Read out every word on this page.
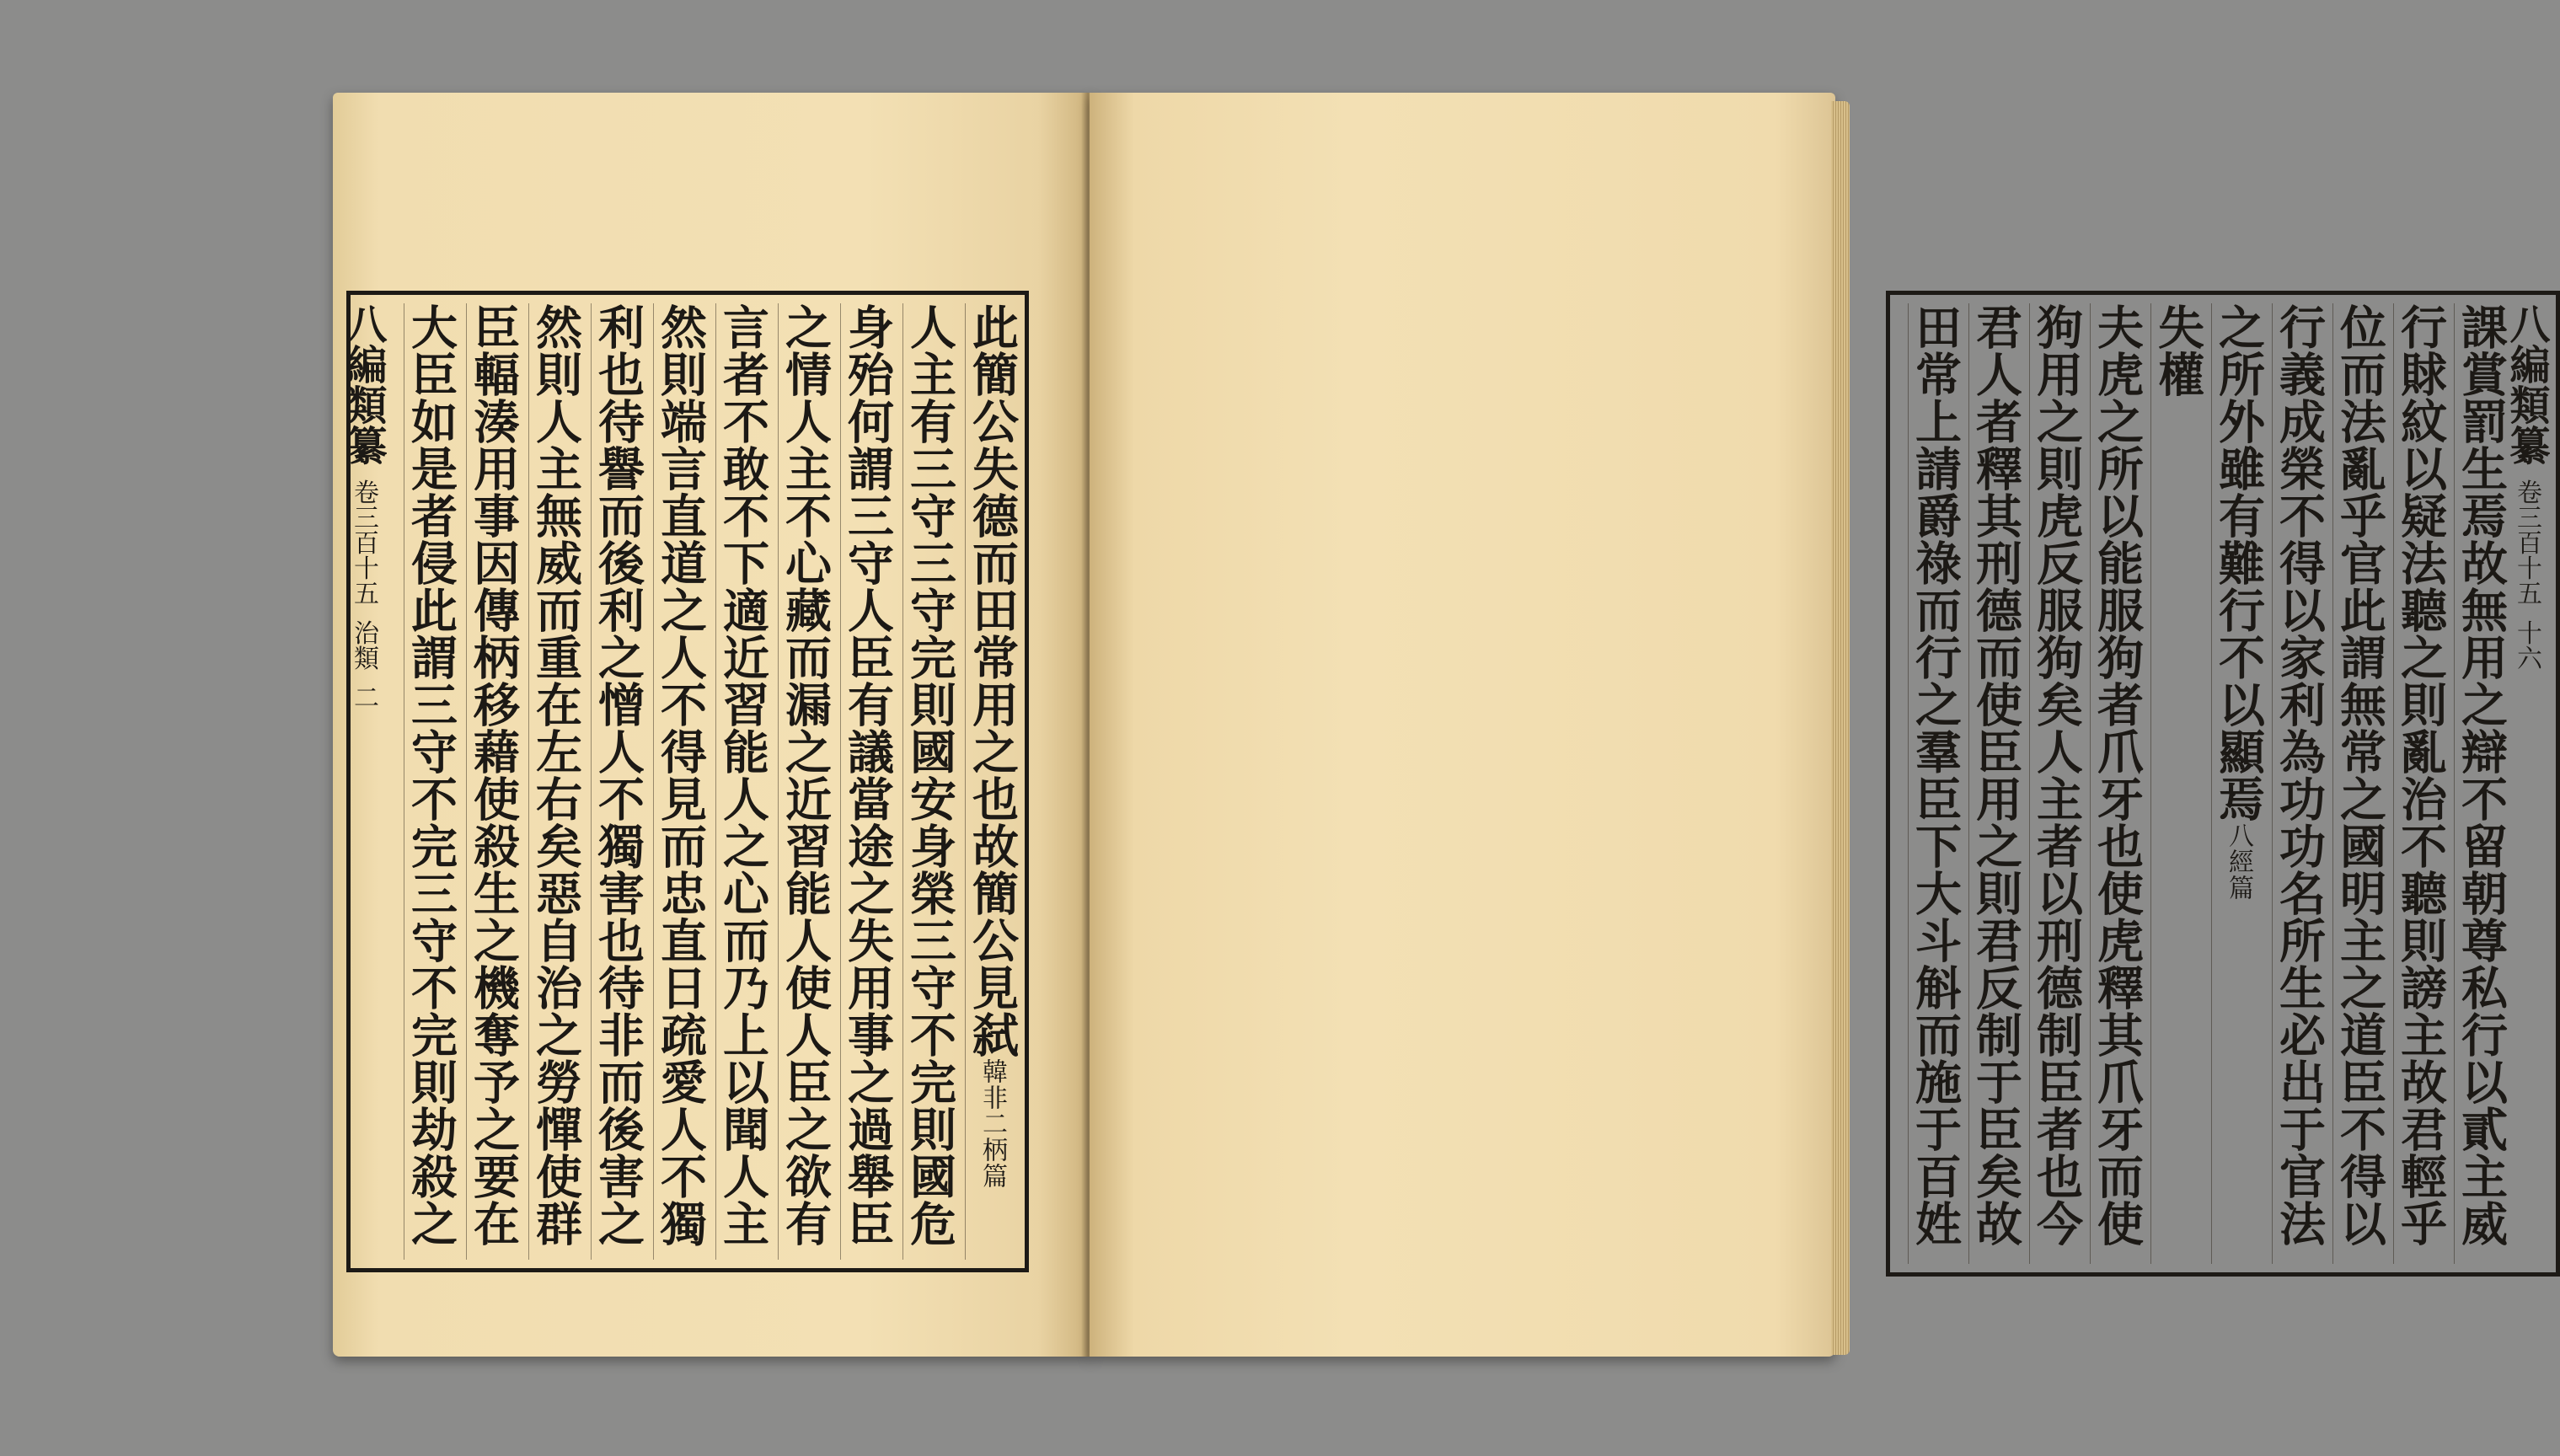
八編類纂 卷三百十五 治類 二	此簡公失德而田常用之也故簡公見弑韓非二柄篇
人主有三守三守完則國安身榮三守不完則國危
身殆何謂三守人臣有議當途之失用事之過舉臣
之情人主不心藏而漏之近習能人使人臣之欲有
言者不敢不下適近習能人之心而乃上以聞人主
然則端言直道之人不得見而忠直日疏愛人不獨
利也待譽而後利之憎人不獨害也待非而後害之
然則人主無威而重在左右矣惡自治之勞憚使群
臣輻湊用事因傳柄移藉使殺生之機奪予之要在
大臣如是者侵此謂三守不完三守不完則劫殺之	八編類纂 卷三百十五 十六
課賞罰生焉故無用之辯不留朝尊私行以貳主威
行賕紋以疑法聽之則亂治不聽則謗主故君輕乎
位而法亂乎官此謂無常之國明主之道臣不得以
行義成榮不得以家利為功功名所生必出于官法
之所外雖有難行不以顯焉八經篇
失權
夫虎之所以能服狗者爪牙也使虎釋其爪牙而使
狗用之則虎反服狗矣人主者以刑德制臣者也今
君人者釋其刑德而使臣用之則君反制于臣矣故
田常上請爵祿而行之羣臣下大斗斛而施于百姓
